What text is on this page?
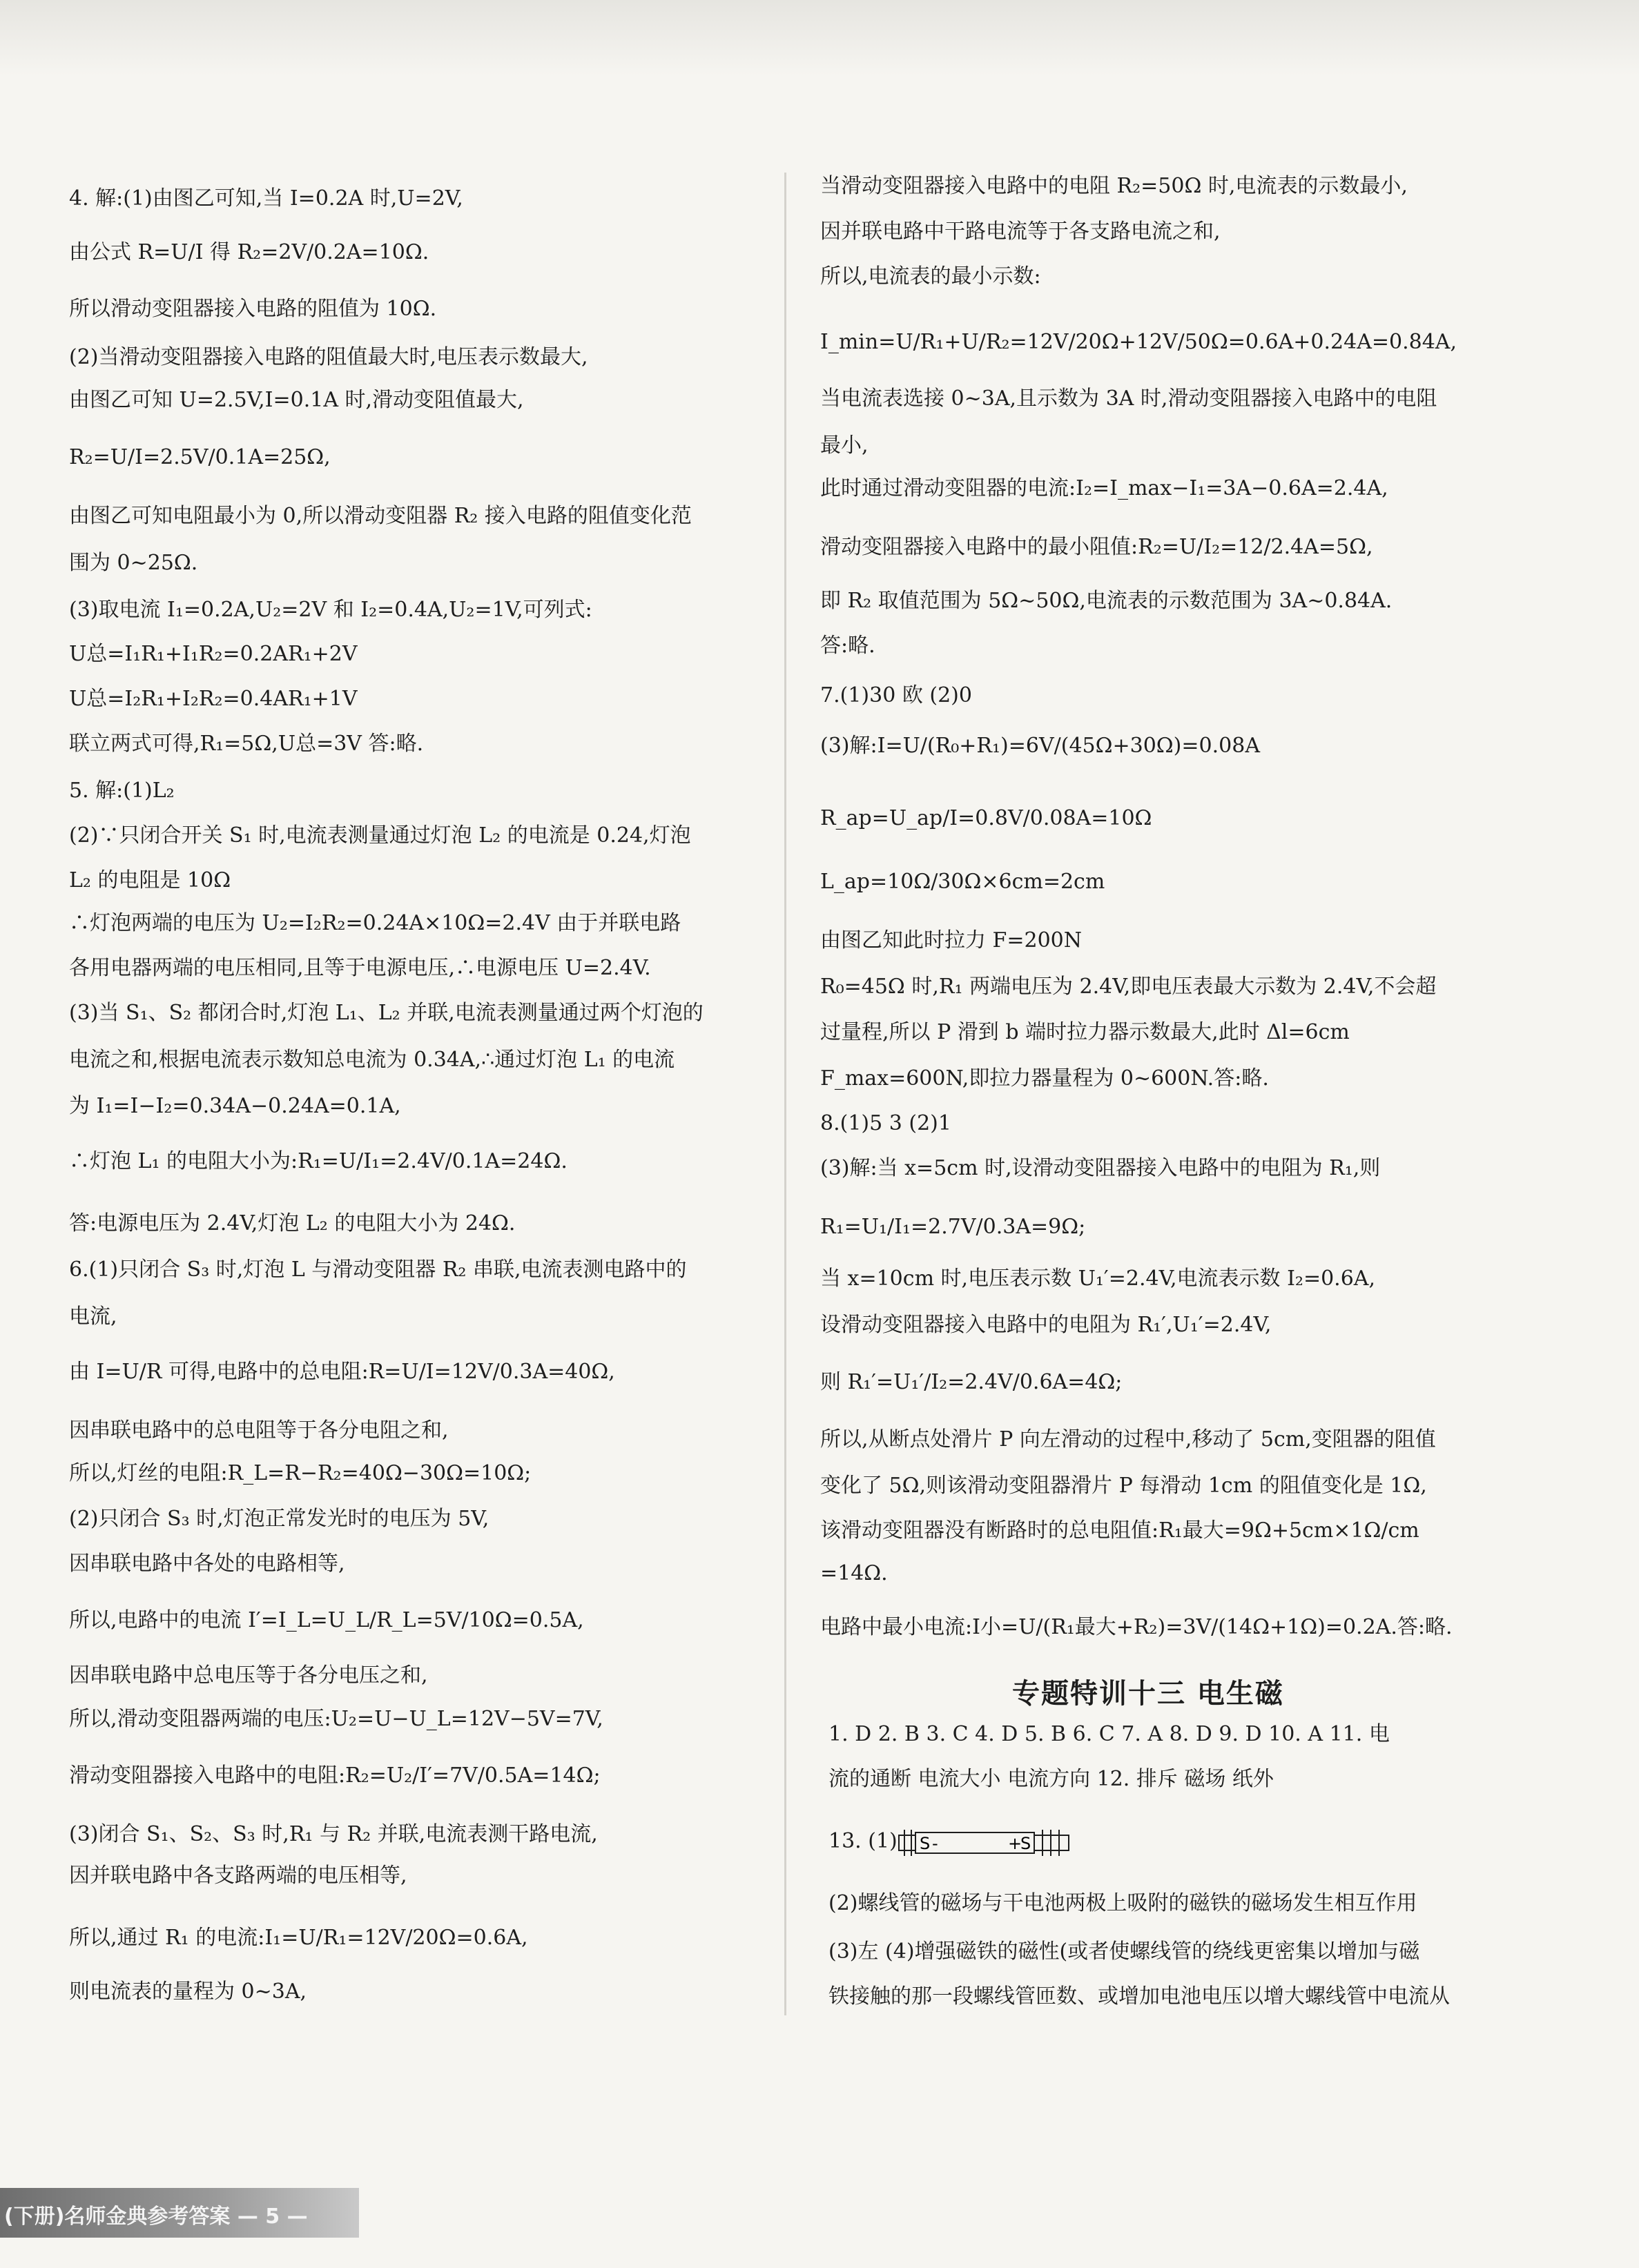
4. 解:(1)由图乙可知,当 I=0.2A 时,U=2V,
由公式 R=U/I 得 R₂=2V/0.2A=10Ω.
所以滑动变阻器接入电路的阻值为 10Ω.
(2)当滑动变阻器接入电路的阻值最大时,电压表示数最大,
由图乙可知 U=2.5V,I=0.1A 时,滑动变阻值最大,
R₂=U/I=2.5V/0.1A=25Ω,
由图乙可知电阻最小为 0,所以滑动变阻器 R₂ 接入电路的阻值变化范
围为 0~25Ω.
(3)取电流 I₁=0.2A,U₂=2V 和 I₂=0.4A,U₂=1V,可列式:
U总=I₁R₁+I₁R₂=0.2AR₁+2V
U总=I₂R₁+I₂R₂=0.4AR₁+1V
联立两式可得,R₁=5Ω,U总=3V 答:略.
5. 解:(1)L₂
(2)∵只闭合开关 S₁ 时,电流表测量通过灯泡 L₂ 的电流是 0.24,灯泡
L₂ 的电阻是 10Ω
∴灯泡两端的电压为 U₂=I₂R₂=0.24A×10Ω=2.4V 由于并联电路
各用电器两端的电压相同,且等于电源电压,∴电源电压 U=2.4V.
(3)当 S₁、S₂ 都闭合时,灯泡 L₁、L₂ 并联,电流表测量通过两个灯泡的
电流之和,根据电流表示数知总电流为 0.34A,∴通过灯泡 L₁ 的电流
为 I₁=I−I₂=0.34A−0.24A=0.1A,
∴灯泡 L₁ 的电阻大小为:R₁=U/I₁=2.4V/0.1A=24Ω.
答:电源电压为 2.4V,灯泡 L₂ 的电阻大小为 24Ω.
6.(1)只闭合 S₃ 时,灯泡 L 与滑动变阻器 R₂ 串联,电流表测电路中的
电流,
由 I=U/R 可得,电路中的总电阻:R=U/I=12V/0.3A=40Ω,
因串联电路中的总电阻等于各分电阻之和,
所以,灯丝的电阻:R_L=R−R₂=40Ω−30Ω=10Ω;
(2)只闭合 S₃ 时,灯泡正常发光时的电压为 5V,
因串联电路中各处的电路相等,
所以,电路中的电流 I′=I_L=U_L/R_L=5V/10Ω=0.5A,
因串联电路中总电压等于各分电压之和,
所以,滑动变阻器两端的电压:U₂=U−U_L=12V−5V=7V,
滑动变阻器接入电路中的电阻:R₂=U₂/I′=7V/0.5A=14Ω;
(3)闭合 S₁、S₂、S₃ 时,R₁ 与 R₂ 并联,电流表测干路电流,
因并联电路中各支路两端的电压相等,
所以,通过 R₁ 的电流:I₁=U/R₁=12V/20Ω=0.6A,
则电流表的量程为 0~3A,
当滑动变阻器接入电路中的电阻 R₂=50Ω 时,电流表的示数最小,
因并联电路中干路电流等于各支路电流之和,
所以,电流表的最小示数:
I_min=U/R₁+U/R₂=12V/20Ω+12V/50Ω=0.6A+0.24A=0.84A,
当电流表选接 0~3A,且示数为 3A 时,滑动变阻器接入电路中的电阻
最小,
此时通过滑动变阻器的电流:I₂=I_max−I₁=3A−0.6A=2.4A,
滑动变阻器接入电路中的最小阻值:R₂=U/I₂=12/2.4A=5Ω,
即 R₂ 取值范围为 5Ω~50Ω,电流表的示数范围为 3A~0.84A.
答:略.
7.(1)30 欧 (2)0
(3)解:I=U/(R₀+R₁)=6V/(45Ω+30Ω)=0.08A
R_ap=U_ap/I=0.8V/0.08A=10Ω
L_ap=10Ω/30Ω×6cm=2cm
由图乙知此时拉力 F=200N
R₀=45Ω 时,R₁ 两端电压为 2.4V,即电压表最大示数为 2.4V,不会超
过量程,所以 P 滑到 b 端时拉力器示数最大,此时 Δl=6cm
F_max=600N,即拉力器量程为 0~600N.答:略.
8.(1)5 3 (2)1
(3)解:当 x=5cm 时,设滑动变阻器接入电路中的电阻为 R₁,则
R₁=U₁/I₁=2.7V/0.3A=9Ω;
当 x=10cm 时,电压表示数 U₁′=2.4V,电流表示数 I₂=0.6A,
设滑动变阻器接入电路中的电阻为 R₁′,U₁′=2.4V,
则 R₁′=U₁′/I₂=2.4V/0.6A=4Ω;
所以,从断点处滑片 P 向左滑动的过程中,移动了 5cm,变阻器的阻值
变化了 5Ω,则该滑动变阻器滑片 P 每滑动 1cm 的阻值变化是 1Ω,
该滑动变阻器没有断路时的总电阻值:R₁最大=9Ω+5cm×1Ω/cm
=14Ω.
电路中最小电流:I小=U/(R₁最大+R₂)=3V/(14Ω+1Ω)=0.2A.答:略.
专题特训十三 电生磁
1. D 2. B 3. C 4. D 5. B 6. C 7. A 8. D 9. D 10. A 11. 电
流的通断 电流大小 电流方向 12. 排斥 磁场 纸外
13. (1)
(2)螺线管的磁场与干电池两极上吸附的磁铁的磁场发生相互作用
(3)左 (4)增强磁铁的磁性(或者使螺线管的绕线更密集以增加与磁
铁接触的那一段螺线管匝数、或增加电池电压以增大螺线管中电流从
S -	+
S
(下册)名师金典参考答案 — 5 —
